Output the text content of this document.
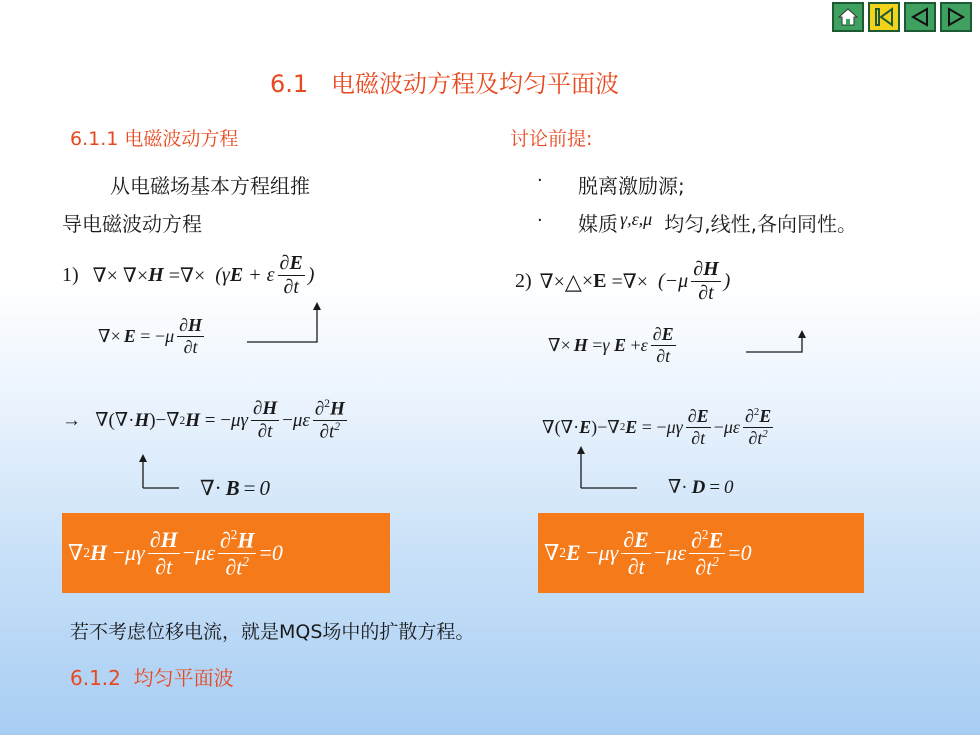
6.1   电磁波动方程及均匀平面波
6.1.1 电磁波动方程
从电磁场基本方程组推
导电磁波动方程
讨论前提:
· 脱离激励源;
· 媒质 γ,ε,μ 均匀,线性,各向同性。
1) ∇× ∇× H =∇× (γE + ε $\frac{\partial E}{\partial t}$ )
∇× E = − μ $\frac{\partial H}{\partial t}$
2) ∇× △ × E =∇× ($-\mu \frac{\partial H}{\partial t}$ )
∇× H = γ
E + ε $\frac{\partial E}{\partial t}$
→   ∇(∇· H )−∇ 2 H = − μγ $\frac{\partial H}{\partial t} - \mu\varepsilon \frac{\partial^2H}{\partial t^2}$
∇· B = 0
∇(∇· E )−∇ 2 E = − μγ $\frac{\partial E}{\partial t} - \mu\varepsilon \frac{\partial^2E}{\partial t^2}$
∇· D = 0
∇ 2 H − μγ $\frac{\partial H}{\partial t} - \mu\varepsilon \frac{\partial^2H}{\partial t^2} = 0$	∇ 2 E − μγ $\frac{\partial E}{\partial t} - \mu\varepsilon \frac{\partial^2E}{\partial t^2} = 0$
若不考虑位移电流，就是MQS场中的扩散方程。
6.1.2  均匀平面波
